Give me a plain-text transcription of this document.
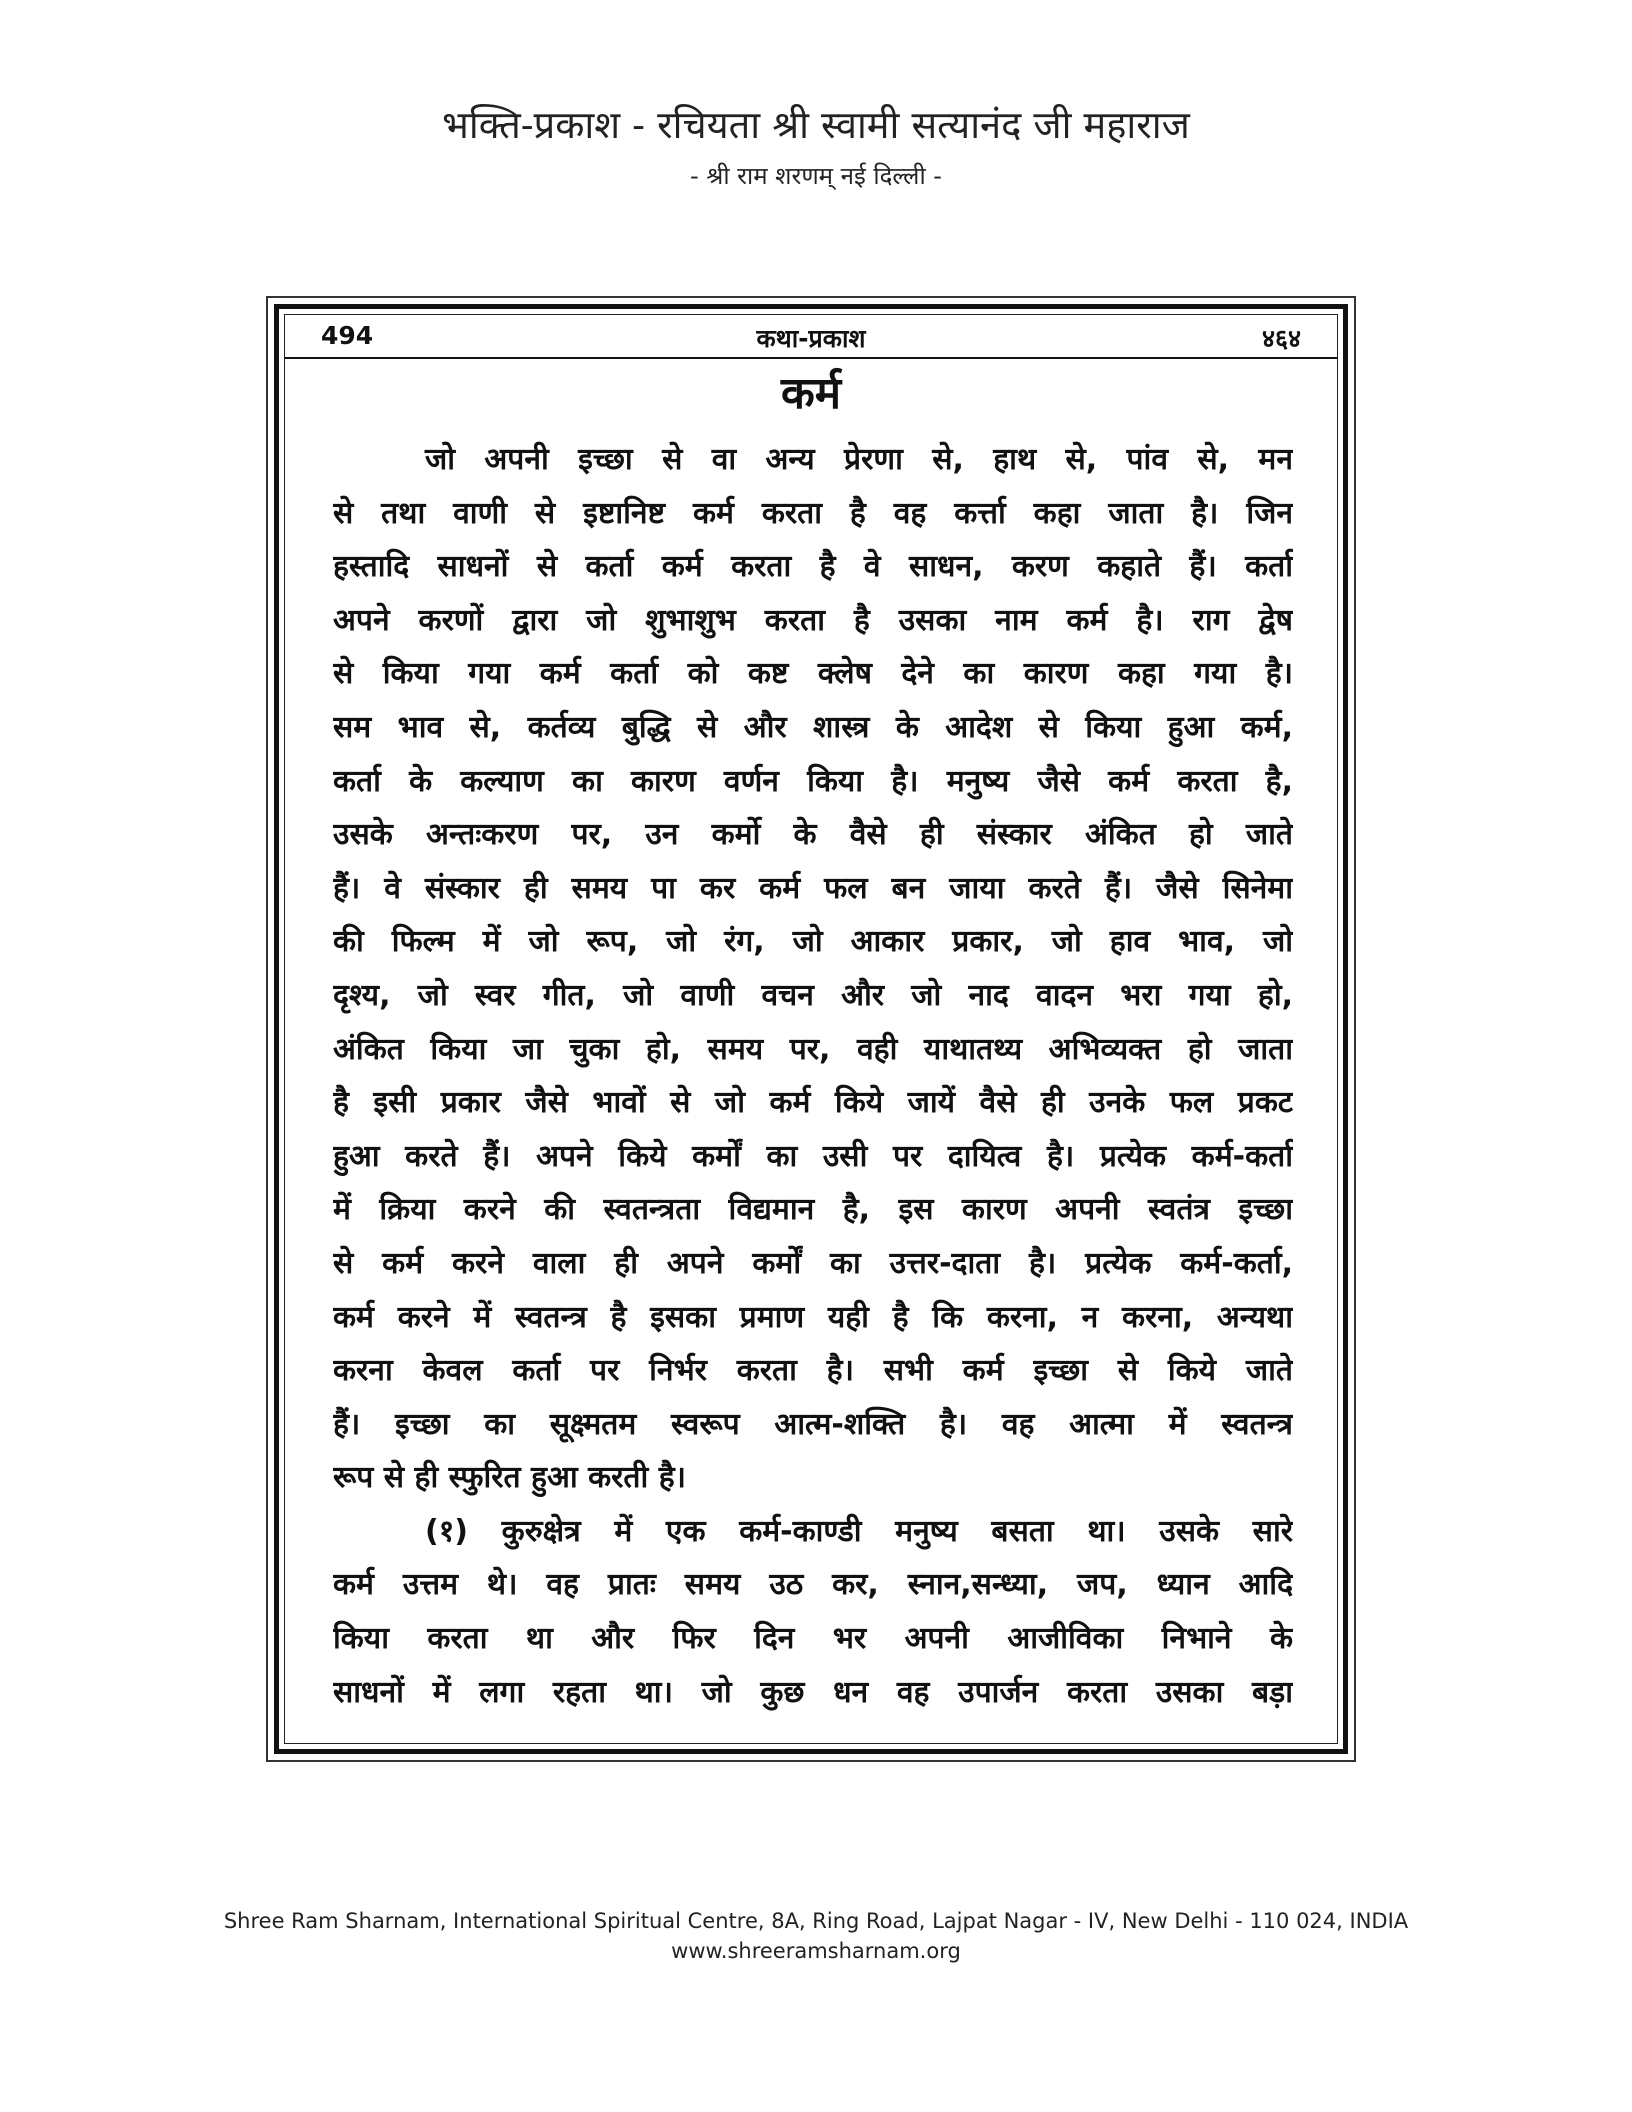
भक्ति-प्रकाश - रचियता श्री स्वामी सत्यानंद जी महाराज
- श्री राम शरणम् नई दिल्ली -
494	कथा-प्रकाश	४६४
कर्म
जो अपनी इच्छा से वा अन्य प्रेरणा से, हाथ से, पांव से, मन
से तथा वाणी से इष्टानिष्ट कर्म करता है वह कर्त्ता कहा जाता है। जिन
हस्तादि साधनों से कर्ता कर्म करता है वे साधन, करण कहाते हैं। कर्ता
अपने करणों द्वारा जो शुभाशुभ करता है उसका नाम कर्म है। राग द्वेष
से किया गया कर्म कर्ता को कष्ट क्लेष देने का कारण कहा गया है।
सम भाव से, कर्तव्य बुद्धि से और शास्त्र के आदेश से किया हुआ कर्म,
कर्ता के कल्याण का कारण वर्णन किया है। मनुष्य जैसे कर्म करता है,
उसके अन्तःकरण पर, उन कर्मो के वैसे ही संस्कार अंकित हो जाते
हैं। वे संस्कार ही समय पा कर कर्म फल बन जाया करते हैं। जैसे सिनेमा
की फिल्म में जो रूप, जो रंग, जो आकार प्रकार, जो हाव भाव, जो
दृश्य, जो स्वर गीत, जो वाणी वचन और जो नाद वादन भरा गया हो,
अंकित किया जा चुका हो, समय पर, वही याथातथ्य अभिव्यक्त हो जाता
है इसी प्रकार जैसे भावों से जो कर्म किये जायें वैसे ही उनके फल प्रकट
हुआ करते हैं। अपने किये कर्मों का उसी पर दायित्व है। प्रत्येक कर्म-कर्ता
में क्रिया करने की स्वतन्त्रता विद्यमान है, इस कारण अपनी स्वतंत्र इच्छा
से कर्म करने वाला ही अपने कर्मों का उत्तर-दाता है। प्रत्येक कर्म-कर्ता,
कर्म करने में स्वतन्त्र है इसका प्रमाण यही है कि करना, न करना, अन्यथा
करना केवल कर्ता पर निर्भर करता है। सभी कर्म इच्छा से किये जाते
हैं। इच्छा का सूक्ष्मतम स्वरूप आत्म-शक्ति है। वह आत्मा में स्वतन्त्र
रूप से ही स्फुरित हुआ करती है।
(१) कुरुक्षेत्र में एक कर्म-काण्डी मनुष्य बसता था। उसके सारे
कर्म उत्तम थे। वह प्रातः समय उठ कर, स्नान,सन्ध्या, जप, ध्यान आदि
किया करता था और फिर दिन भर अपनी आजीविका निभाने के
साधनों में लगा रहता था। जो कुछ धन वह उपार्जन करता उसका बड़ा
Shree Ram Sharnam, International Spiritual Centre, 8A, Ring Road, Lajpat Nagar - IV, New Delhi - 110 024, INDIA
www.shreeramsharnam.org
